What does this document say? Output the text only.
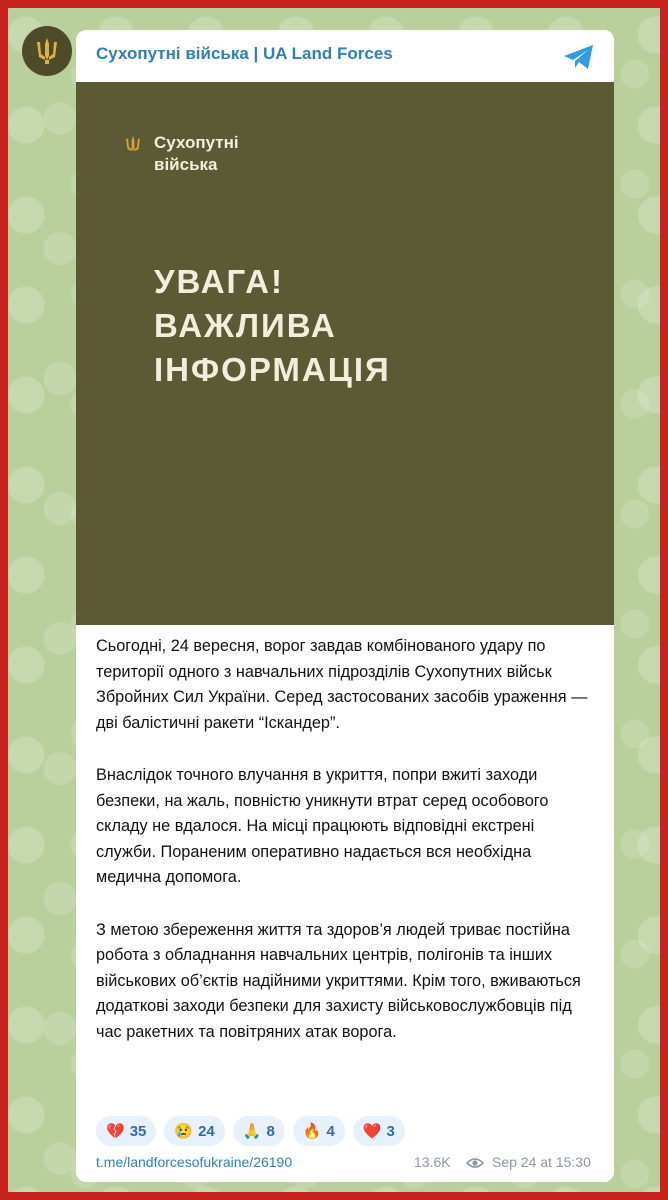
Сухопутні війська | UA Land Forces
Сухопутні
війська
УВАГА!
ВАЖЛИВА
ІНФОРМАЦІЯ

Сьогодні, 24 вересня, ворог завдав комбінованого удару по території одного з навчальних підрозділів Сухопутних військ Збройних Сил України. Серед застосованих засобів ураження — дві балістичні ракети “Іскандер”.

Внаслідок точного влучання в укриття, попри вжиті заходи безпеки, на жаль, повністю уникнути втрат серед особового складу не вдалося. На місці працюють відповідні екстрені служби. Пораненим оперативно надається вся необхідна медична допомога.

З метою збереження життя та здоров’я людей триває постійна робота з обладнання навчальних центрів, полігонів та інших військових об’єктів надійними укриттями. Крім того, вживаються додаткові заходи безпеки для захисту військовослужбовців під час ракетних та повітряних атак ворога.

💔 35 😢 24 🙏 8 🔥 4 ❤️ 3
t.me/landforcesofukraine/26190	13.6K	Sep 24 at 15:30
